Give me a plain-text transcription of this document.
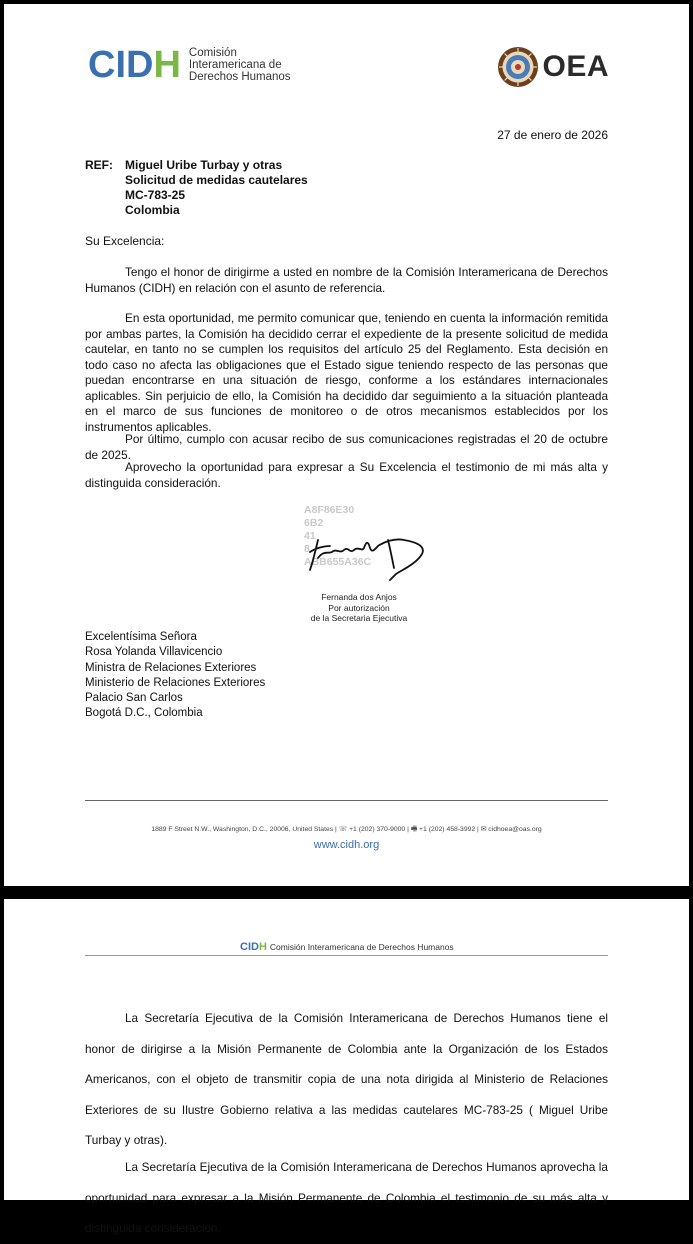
CIDH Comisión
Interamericana de
Derechos Humanos	OEA
27 de enero de 2026
REF: Miguel Uribe Turbay y otras
Solicitud de medidas cautelares
MC-783-25
Colombia
Su Excelencia:

Tengo el honor de dirigirme a usted en nombre de la Comisión Interamericana de Derechos Humanos (CIDH) en relación con el asunto de referencia.

En esta oportunidad, me permito comunicar que, teniendo en cuenta la información remitida por ambas partes, la Comisión ha decidido cerrar el expediente de la presente solicitud de medida cautelar, en tanto no se cumplen los requisitos del artículo 25 del Reglamento. Esta decisión en todo caso no afecta las obligaciones que el Estado sigue teniendo respecto de las personas que puedan encontrarse en una situación de riesgo, conforme a los estándares internacionales aplicables. Sin perjuicio de ello, la Comisión ha decidido dar seguimiento a la situación planteada en el marco de sus funciones de monitoreo o de otros mecanismos establecidos por los instrumentos aplicables.

Por último, cumplo con acusar recibo de sus comunicaciones registradas el 20 de octubre de 2025.

Aprovecho la oportunidad para expresar a Su Excelencia el testimonio de mi más alta y distinguida consideración.

A8F86E30
6B2
41
8
ABB655A36C
Fernanda dos Anjos
Por autorización
de la Secretaria Ejecutiva
Excelentísima Señora
Rosa Yolanda Villavicencio
Ministra de Relaciones Exteriores
Ministerio de Relaciones Exteriores
Palacio San Carlos
Bogotá D.C., Colombia
1889 F Street N.W., Washington, D.C., 20006, United States | ☏ +1 (202) 370-9000 | 🖷 +1 (202) 458-3992 | ✉ cidhoea@oas.org
www.cidh.org
CIDH Comisión Interamericana de Derechos Humanos

La Secretaría Ejecutiva de la Comisión Interamericana de Derechos Humanos tiene el honor de dirigirse a la Misión Permanente de Colombia ante la Organización de los Estados Americanos, con el objeto de transmitir copia de una nota dirigida al Ministerio de Relaciones Exteriores de su Ilustre Gobierno relativa a las medidas cautelares MC-783-25 ( Miguel Uribe Turbay y otras).

La Secretaría Ejecutiva de la Comisión Interamericana de Derechos Humanos aprovecha la oportunidad para expresar a la Misión Permanente de Colombia el testimonio de su más alta y distinguida consideración.
